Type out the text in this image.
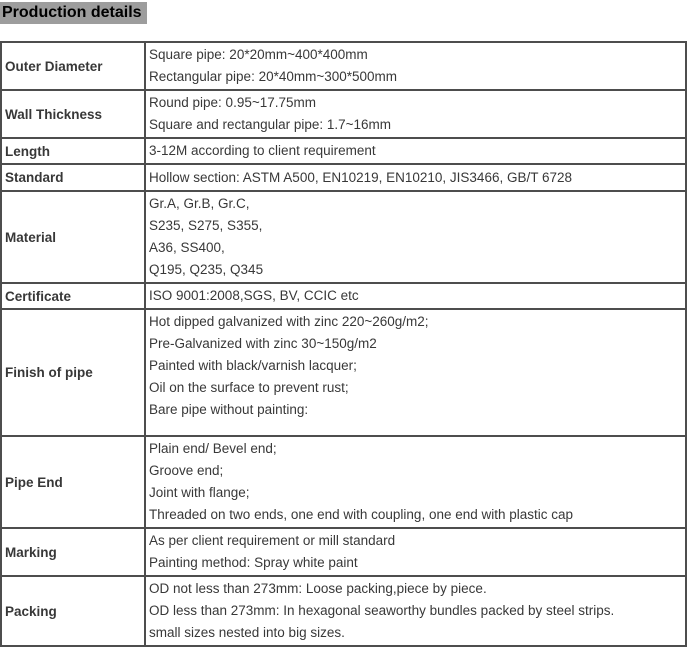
Production details
Outer Diameter	Square pipe: 20*20mm~400*400mm
Rectangular pipe: 20*40mm~300*500mm

Wall Thickness	Round pipe: 0.95~17.75mm
Square and rectangular pipe: 1.7~16mm

Length	3-12M according to client requirement

Standard	Hollow section: ASTM A500, EN10219, EN10210, JIS3466, GB/T 6728

Material	Gr.A, Gr.B, Gr.C,
S235, S275, S355,
A36, SS400,
Q195, Q235, Q345

Certificate	ISO 9001:2008,SGS, BV, CCIC etc

Finish of pipe	Hot dipped galvanized with zinc 220~260g/m2;
Pre-Galvanized with zinc 30~150g/m2
Painted with black/varnish lacquer;
Oil on the surface to prevent rust;
Bare pipe without painting:

Pipe End	Plain end/ Bevel end;
Groove end;
Joint with flange;
Threaded on two ends, one end with coupling, one end with plastic cap

Marking	As per client requirement or mill standard
Painting method: Spray white paint

Packing	OD not less than 273mm: Loose packing,piece by piece.
OD less than 273mm: In hexagonal seaworthy bundles packed by steel strips.
small sizes nested into big sizes.
